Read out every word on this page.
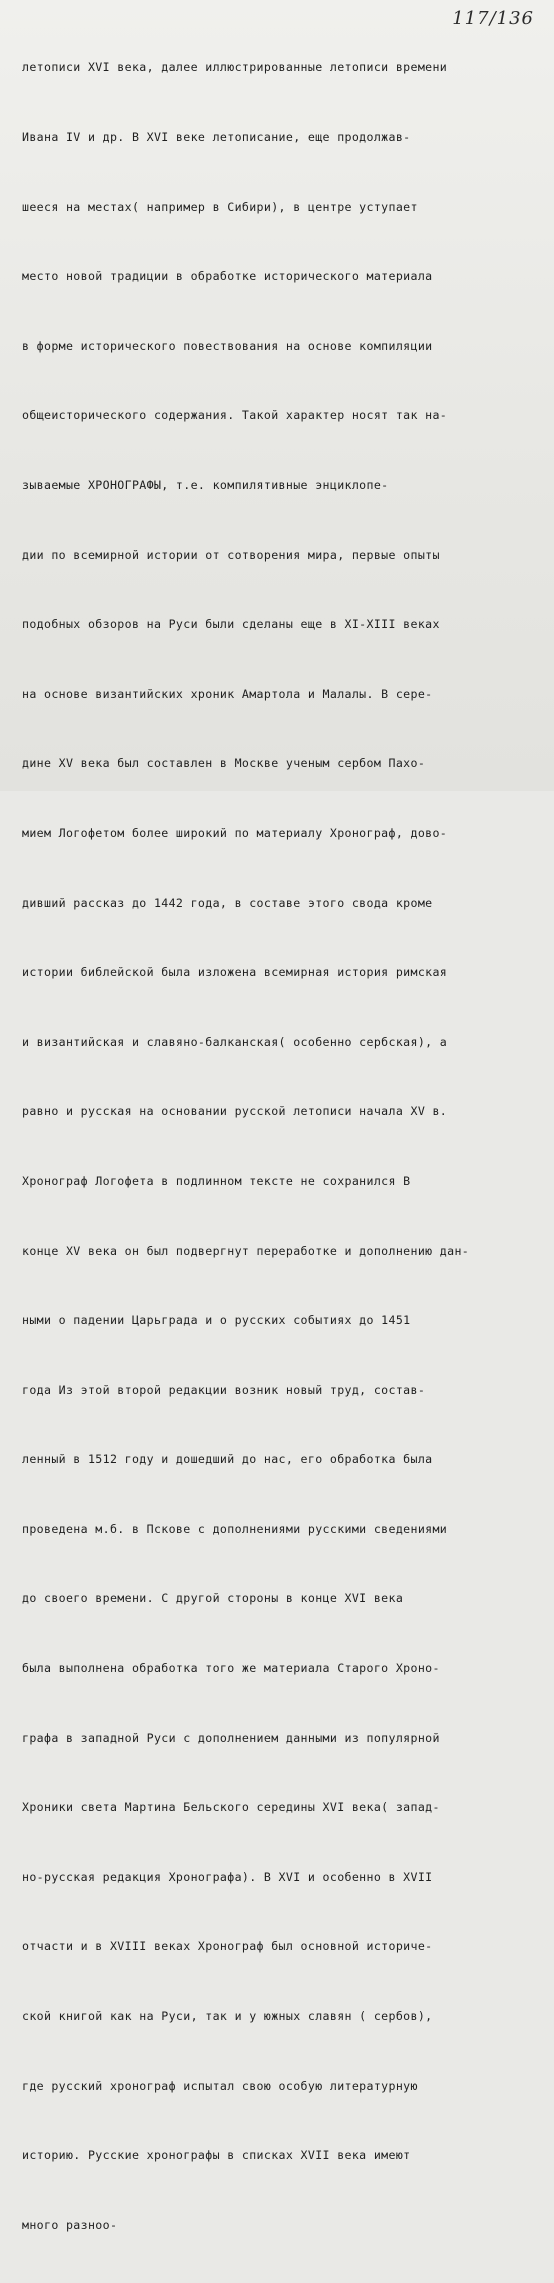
117/136

летописи XVI века, далее иллюстрированные летописи времени

Ивана IV и др. В XVI веке летописание, еще продолжав-

шееся на местах( например в Сибири), в центре уступает

место новой традиции в обработке исторического материала

в форме исторического повествования на основе компиляции

общеисторического содержания. Такой характер носят так на-

зываемые ХРОНОГРАФЫ, т.е. компилятивные энциклопе-

дии по всемирной истории от сотворения мира, первые опыты

подобных обзоров на Руси были сделаны еще в XI-XIII веках

на основе византийских хроник Амартола и Малалы. В сере-

дине XV века был составлен в Москве ученым сербом Пахо-

мием Логофетом более широкий по материалу Хронограф, дово-

дивший рассказ до 1442 года, в составе этого свода кроме

истории библейской была изложена всемирная история римская

и византийская и славяно-балканская( особенно сербская), а

равно и русская на основании русской летописи начала XV в.

Хронограф Логофета в подлинном тексте не сохранился В

конце XV века он был подвергнут переработке и дополнению дан-

ными о падении Царьграда и о русских событиях до 1451

года Из этой второй редакции возник новый труд, состав-

ленный в 1512 году и дошедший до нас, его обработка была

проведена м.б. в Пскове с дополнениями русскими сведениями

до своего времени. С другой стороны в конце XVI века

была выполнена обработка того же материала Старого Хроно-

графа в западной Руси с дополнением данными из популярной

Хроники света Мартина Бельского середины XVI века( запад-

но-русская редакция Хронографа). В XVI и особенно в XVII

отчасти и в XVIII веках Хронограф был основной историче-

ской книгой как на Руси, так и у южных славян ( сербов),

где русский хронограф испытал свою особую литературную

историю. Русские хронографы в списках XVII века имеют

много разноо-
